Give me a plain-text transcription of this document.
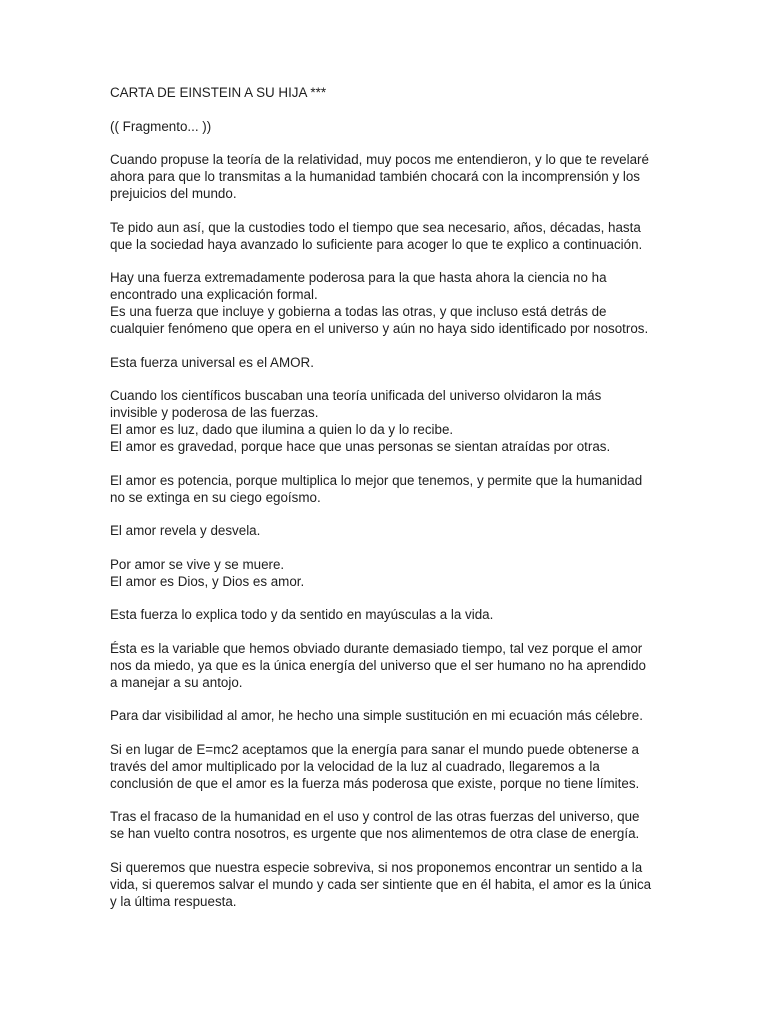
CARTA DE EINSTEIN A SU HIJA ***

(( Fragmento... ))

Cuando propuse la teoría de la relatividad, muy pocos me entendieron, y lo que te revelaré
ahora para que lo transmitas a la humanidad también chocará con la incomprensión y los
prejuicios del mundo.

Te pido aun así, que la custodies todo el tiempo que sea necesario, años, décadas, hasta
que la sociedad haya avanzado lo suficiente para acoger lo que te explico a continuación.

Hay una fuerza extremadamente poderosa para la que hasta ahora la ciencia no ha
encontrado una explicación formal.
Es una fuerza que incluye y gobierna a todas las otras, y que incluso está detrás de
cualquier fenómeno que opera en el universo y aún no haya sido identificado por nosotros.

Esta fuerza universal es el AMOR.

Cuando los científicos buscaban una teoría unificada del universo olvidaron la más
invisible y poderosa de las fuerzas.
El amor es luz, dado que ilumina a quien lo da y lo recibe.
El amor es gravedad, porque hace que unas personas se sientan atraídas por otras.

El amor es potencia, porque multiplica lo mejor que tenemos, y permite que la humanidad
no se extinga en su ciego egoísmo.

El amor revela y desvela.

Por amor se vive y se muere.
El amor es Dios, y Dios es amor.

Esta fuerza lo explica todo y da sentido en mayúsculas a la vida.

Ésta es la variable que hemos obviado durante demasiado tiempo, tal vez porque el amor
nos da miedo, ya que es la única energía del universo que el ser humano no ha aprendido
a manejar a su antojo.

Para dar visibilidad al amor, he hecho una simple sustitución en mi ecuación más célebre.

Si en lugar de E=mc2 aceptamos que la energía para sanar el mundo puede obtenerse a
través del amor multiplicado por la velocidad de la luz al cuadrado, llegaremos a la
conclusión de que el amor es la fuerza más poderosa que existe, porque no tiene límites.

Tras el fracaso de la humanidad en el uso y control de las otras fuerzas del universo, que
se han vuelto contra nosotros, es urgente que nos alimentemos de otra clase de energía.

Si queremos que nuestra especie sobreviva, si nos proponemos encontrar un sentido a la
vida, si queremos salvar el mundo y cada ser sintiente que en él habita, el amor es la única
y la última respuesta.
